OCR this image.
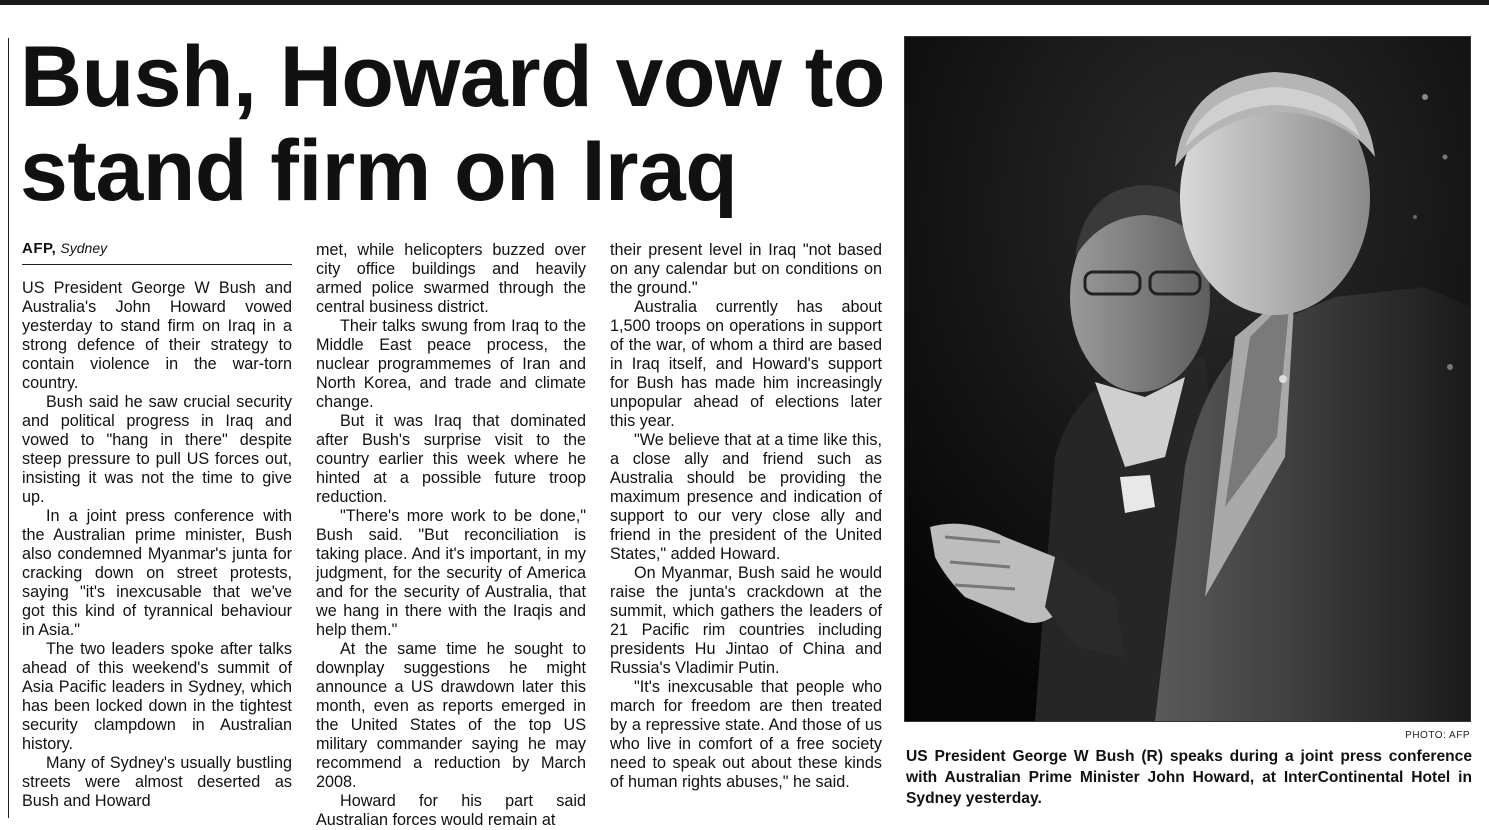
Bush, Howard vow to stand firm on Iraq
AFP, Sydney

US President George W Bush and Australia's John Howard vowed yesterday to stand firm on Iraq in a strong defence of their strategy to contain violence in the war-torn country.

Bush said he saw crucial security and political progress in Iraq and vowed to "hang in there" despite steep pressure to pull US forces out, insisting it was not the time to give up.

In a joint press conference with the Australian prime minister, Bush also condemned Myanmar's junta for cracking down on street protests, saying "it's inexcusable that we've got this kind of tyrannical behaviour in Asia."

The two leaders spoke after talks ahead of this weekend's summit of Asia Pacific leaders in Sydney, which has been locked down in the tightest security clampdown in Australian history.

Many of Sydney's usually bustling streets were almost deserted as Bush and Howard

met, while helicopters buzzed over city office buildings and heavily armed police swarmed through the central business district.

Their talks swung from Iraq to the Middle East peace process, the nuclear programmemes of Iran and North Korea, and trade and climate change.

But it was Iraq that dominated after Bush's surprise visit to the country earlier this week where he hinted at a possible future troop reduction.

"There's more work to be done," Bush said. "But reconciliation is taking place. And it's important, in my judgment, for the security of America and for the security of Australia, that we hang in there with the Iraqis and help them."

At the same time he sought to downplay suggestions he might announce a US drawdown later this month, even as reports emerged in the United States of the top US military commander saying he may recommend a reduction by March 2008.

Howard for his part said Australian forces would remain at

their present level in Iraq "not based on any calendar but on conditions on the ground."

Australia currently has about 1,500 troops on operations in support of the war, of whom a third are based in Iraq itself, and Howard's support for Bush has made him increasingly unpopular ahead of elections later this year.

"We believe that at a time like this, a close ally and friend such as Australia should be providing the maximum presence and indication of support to our very close ally and friend in the president of the United States," added Howard.

On Myanmar, Bush said he would raise the junta's crackdown at the summit, which gathers the leaders of 21 Pacific rim countries including presidents Hu Jintao of China and Russia's Vladimir Putin.

"It's inexcusable that people who march for freedom are then treated by a repressive state. And those of us who live in comfort of a free society need to speak out about these kinds of human rights abuses," he said.

PHOTO: AFP

US President George W Bush (R) speaks during a joint press conference with Australian Prime Minister John Howard, at InterContinental Hotel in Sydney yesterday.
